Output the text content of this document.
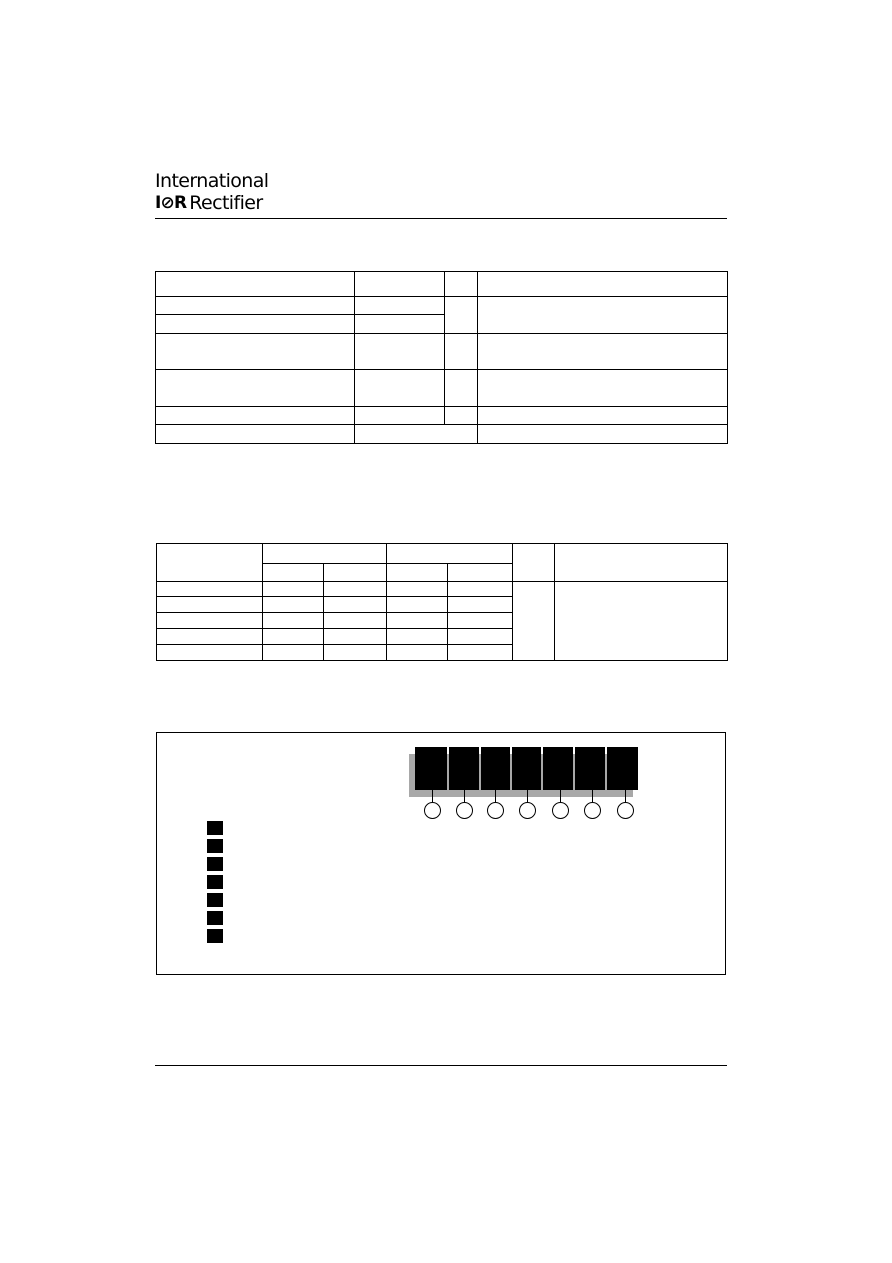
International
I⊘R Rectifier
